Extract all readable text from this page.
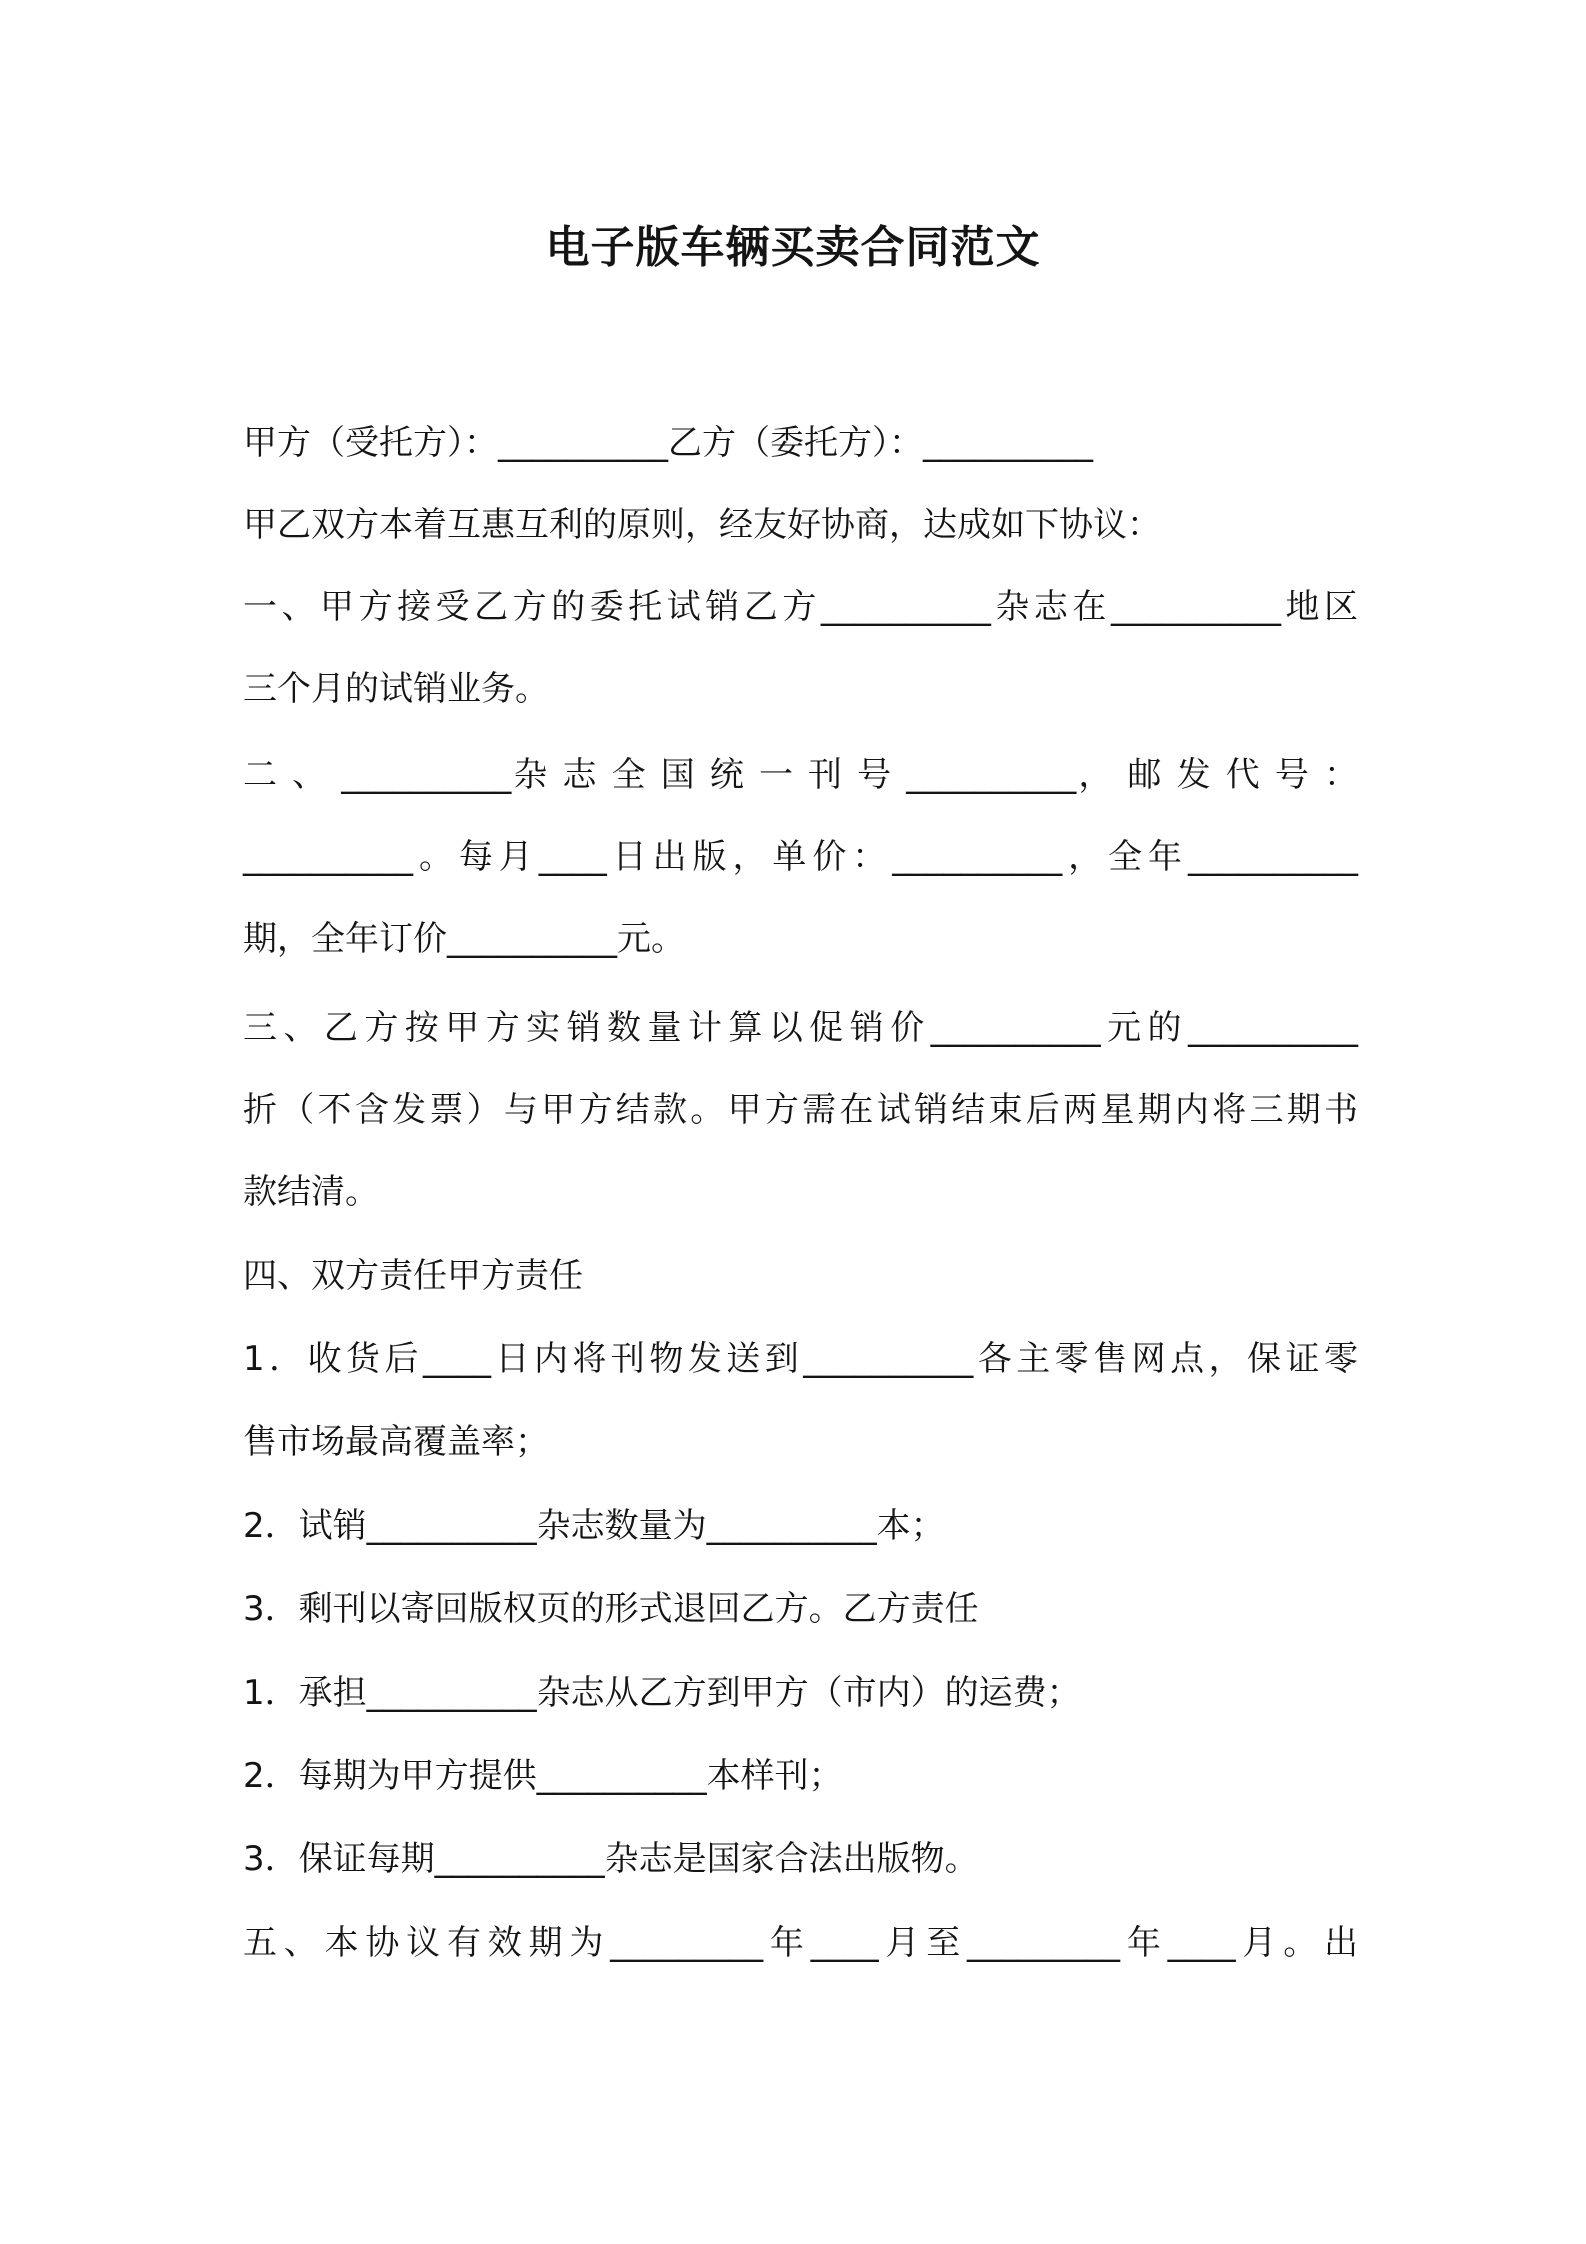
电子版车辆买卖合同范文
甲方（受托方）：__________乙方（委托方）：__________
甲乙双方本着互惠互利的原则，经友好协商，达成如下协议：
一、甲方接受乙方的委托试销乙方__________杂志在__________地区
三个月的试销业务。
二 、 __________杂 志 全 国 统 一 刊 号 __________， 邮 发 代 号 ：
__________。每月____日出版，单价：__________，全年__________
期，全年订价__________元。
三、乙方按甲方实销数量计算以促销价__________元的__________
折（不含发票）与甲方结款。甲方需在试销结束后两星期内将三期书
款结清。
四、双方责任甲方责任
1．收货后____日内将刊物发送到__________各主零售网点，保证零
售市场最高覆盖率；
2．试销__________杂志数量为__________本；
3．剩刊以寄回版权页的形式退回乙方。乙方责任
1．承担__________杂志从乙方到甲方（市内）的运费；
2．每期为甲方提供__________本样刊；
3．保证每期__________杂志是国家合法出版物。
五、本协议有效期为_________年____月至_________年____月。出
